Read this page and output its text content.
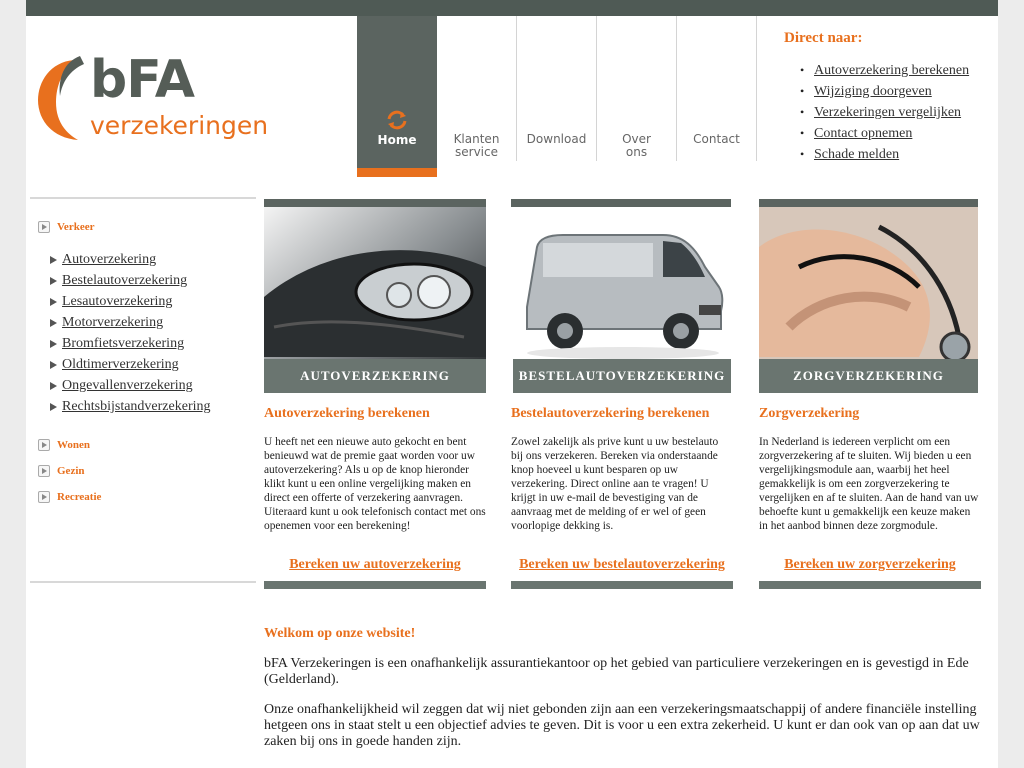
bFA
verzekeringen	Home	Klanten
service
Download	Over
ons
Contact
Direct naar:
• Autoverzekering berekenen
• Wijziging doorgeven
• Verzekeringen vergelijken
• Contact opnemen
• Schade melden
Verkeer
Autoverzekering
Bestelautoverzekering
Lesautoverzekering
Motorverzekering
Bromfietsverzekering
Oldtimerverzekering
Ongevallenverzekering
Rechtsbijstandverzekering
Wonen
Gezin
Recreatie
AUTOVERZEKERING
Autoverzekering berekenen

U heeft net een nieuwe auto gekocht en bent benieuwd wat de premie gaat worden voor uw autoverzekering? Als u op de knop hieronder klikt kunt u een online vergelijking maken en direct een offerte of verzekering aanvragen. Uiteraard kunt u ook telefonisch contact met ons openemen voor een berekening!

Bereken uw autoverzekering
BESTELAUTOVERZEKERING
Bestelautoverzekering berekenen

Zowel zakelijk als prive kunt u uw bestelauto bij ons verzekeren. Bereken via onderstaande knop hoeveel u kunt besparen op uw verzekering. Direct online aan te vragen! U krijgt in uw e-mail de bevestiging van de aanvraag met de melding of er wel of geen voorlopige dekking is.

Bereken uw bestelautoverzekering
ZORGVERZEKERING
Zorgverzekering

In Nederland is iedereen verplicht om een zorgverzekering af te sluiten. Wij bieden u een vergelijkingsmodule aan, waarbij het heel gemakkelijk is om een zorgverzekering te vergelijken en af te sluiten. Aan de hand van uw behoefte kunt u gemakkelijk een keuze maken in het aanbod binnen deze zorgmodule.

Bereken uw zorgverzekering
Welkom op onze website!

bFA Verzekeringen is een onafhankelijk assurantiekantoor op het gebied van particuliere verzekeringen en is gevestigd in Ede (Gelderland).

Onze onafhankelijkheid wil zeggen dat wij niet gebonden zijn aan een verzekeringsmaatschappij of andere financiële instelling hetgeen ons in staat stelt u een objectief advies te geven. Dit is voor u een extra zekerheid. U kunt er dan ook van op aan dat uw zaken bij ons in goede handen zijn.
